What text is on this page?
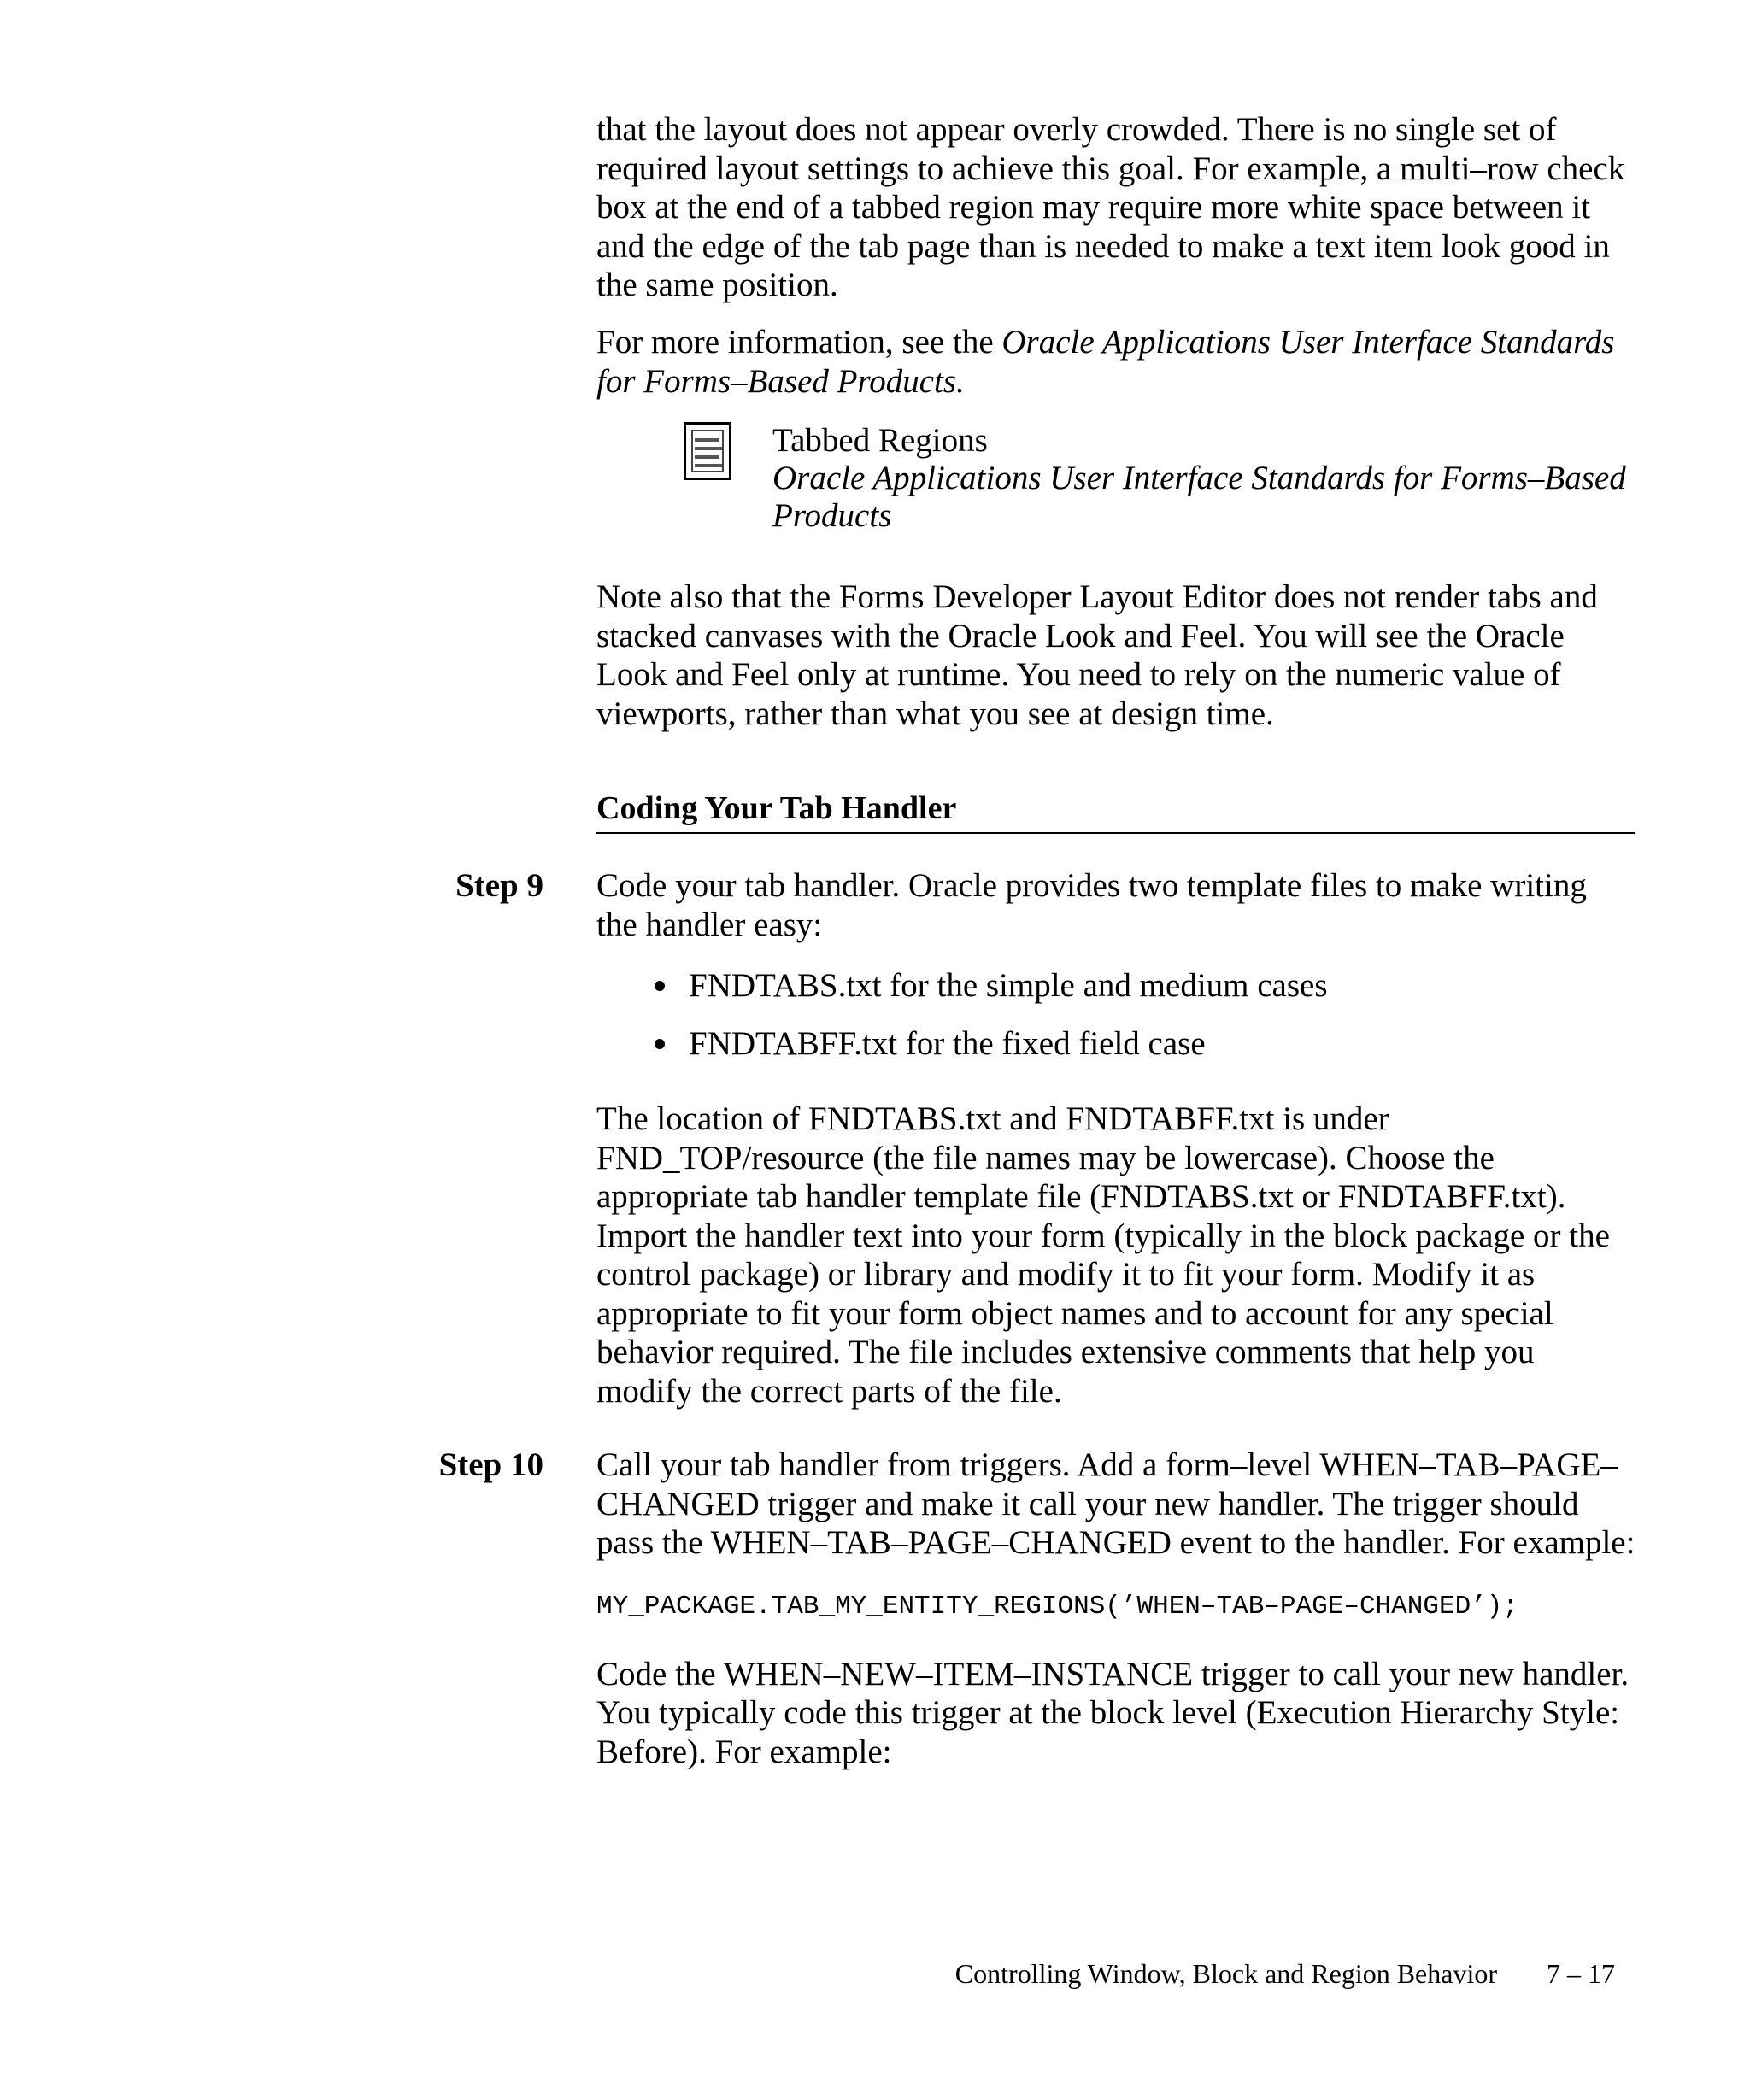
that the layout does not appear overly crowded. There is no single set of required layout settings to achieve this goal. For example, a multi–row check box at the end of a tabbed region may require more white space between it and the edge of the tab page than is needed to make a text item look good in the same position.

For more information, see the Oracle Applications User Interface Standards for Forms–Based Products.

Tabbed Regions
Oracle Applications User Interface Standards for Forms–Based Products

Note also that the Forms Developer Layout Editor does not render tabs and stacked canvases with the Oracle Look and Feel. You will see the Oracle Look and Feel only at runtime. You need to rely on the numeric value of viewports, rather than what you see at design time.

Coding Your Tab Handler
Step 9 Code your tab handler. Oracle provides two template files to make writing the handler easy:

FNDTABS.txt for the simple and medium cases
FNDTABFF.txt for the fixed field case

The location of FNDTABS.txt and FNDTABFF.txt is under FND_TOP/resource (the file names may be lowercase). Choose the appropriate tab handler template file (FNDTABS.txt or FNDTABFF.txt). Import the handler text into your form (typically in the block package or the control package) or library and modify it to fit your form. Modify it as appropriate to fit your form object names and to account for any special behavior required. The file includes extensive comments that help you modify the correct parts of the file.

Step 10 Call your tab handler from triggers. Add a form–level WHEN–TAB–PAGE–CHANGED trigger and make it call your new handler. The trigger should pass the WHEN–TAB–PAGE–CHANGED event to the handler. For example:

MY_PACKAGE.TAB_MY_ENTITY_REGIONS(’WHEN–TAB–PAGE–CHANGED’);

Code the WHEN–NEW–ITEM–INSTANCE trigger to call your new handler. You typically code this trigger at the block level (Execution Hierarchy Style: Before). For example:

Controlling Window, Block and Region Behavior 7 – 17
